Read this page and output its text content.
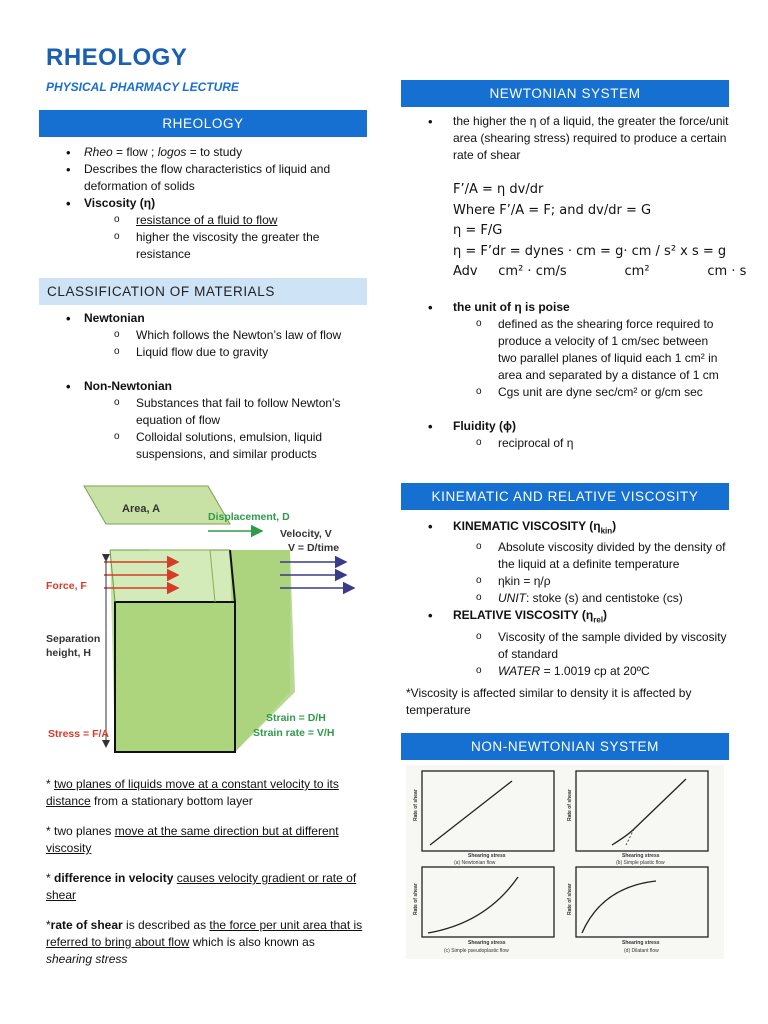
RHEOLOGY
PHYSICAL PHARMACY LECTURE
RHEOLOGY
• Rheo = flow ; logos = to study
• Describes the flow characteristics of liquid and deformation of solids
• Viscosity (η)
o resistance of a fluid to flow
o higher the viscosity the greater the resistance
CLASSIFICATION OF MATERIALS
• Newtonian
o Which follows the Newton’s law of flow
o Liquid flow due to gravity
• Non-Newtonian
o Substances that fail to follow Newton’s equation of flow
o Colloidal solutions, emulsion, liquid suspensions, and similar products
Area, A
Displacement, D
Velocity, V
V = D/time
Force, F
Separation
height, H
Stress = F/A
Strain = D/H
Strain rate = V/H
* two planes of liquids move at a constant velocity to its distance from a stationary bottom layer
* two planes move at the same direction but at different viscosity
* difference in velocity causes velocity gradient or rate of shear
*rate of shear is described as the force per unit area that is referred to bring about flow which is also known as shearing stress
NEWTONIAN SYSTEM
• the higher the η of a liquid, the greater the force/unit area (shearing stress) required to produce a certain rate of shear
F’/A = η dv/dr
Where F’/A = F; and dv/dr = G
η = F/G
η = F’dr = dynes · cm = g· cm / s² x s = g
Adv     cm² · cm/s              cm²              cm · s
• the unit of η is poise
o defined as the shearing force required to produce a velocity of 1 cm/sec between two parallel planes of liquid each 1 cm² in area and separated by a distance of 1 cm
o Cgs unit are dyne sec/cm² or g/cm sec
• Fluidity (ɸ)
o reciprocal of η
KINEMATIC AND RELATIVE VISCOSITY
• KINEMATIC VISCOSITY $(\eta_{kin})$
o Absolute viscosity divided by the density of the liquid at a definite temperature
o ηkin = η/ρ
o UNIT: stoke (s) and centistoke (cs)
• RELATIVE VISCOSITY $(\eta_{rel})$
o Viscosity of the sample divided by viscosity of standard
o WATER = 1.0019 cp at 20ºC
*Viscosity is affected similar to density it is affected by temperature
NON-NEWTONIAN SYSTEM
Rate of shear	Rate of shear
Rate of shear	Rate of shear
Shearing stress	Shearing stress
Shearing stress	Shearing stress
(a) Newtonian flow	(b) Simple plastic flow
(c) Simple pseudoplastic flow	(d) Dilatant flow
